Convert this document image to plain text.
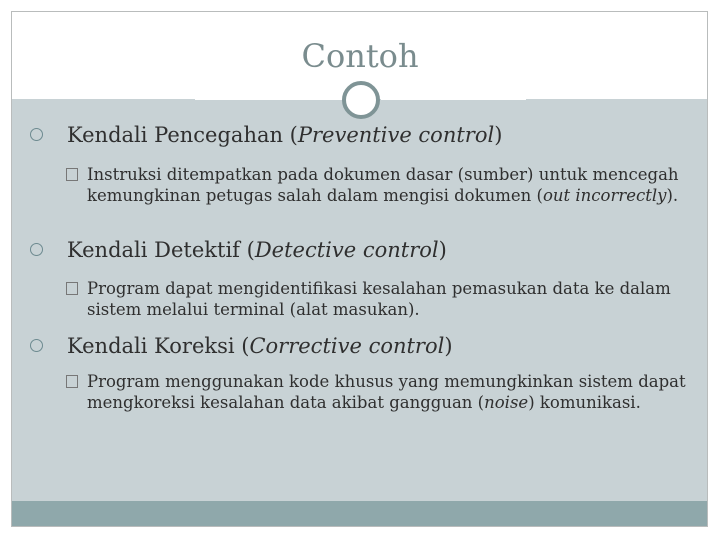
Contoh
Kendali Pencegahan (Preventive control)
Instruksi ditempatkan pada dokumen dasar (sumber) untuk mencegah kemungkinan petugas salah dalam mengisi dokumen (out incorrectly).
Kendali Detektif (Detective control)
Program dapat mengidentifikasi kesalahan pemasukan data ke dalam sistem melalui terminal (alat masukan).
Kendali Koreksi (Corrective control)
Program menggunakan kode khusus yang memungkinkan sistem dapat mengkoreksi kesalahan data akibat gangguan (noise) komunikasi.
